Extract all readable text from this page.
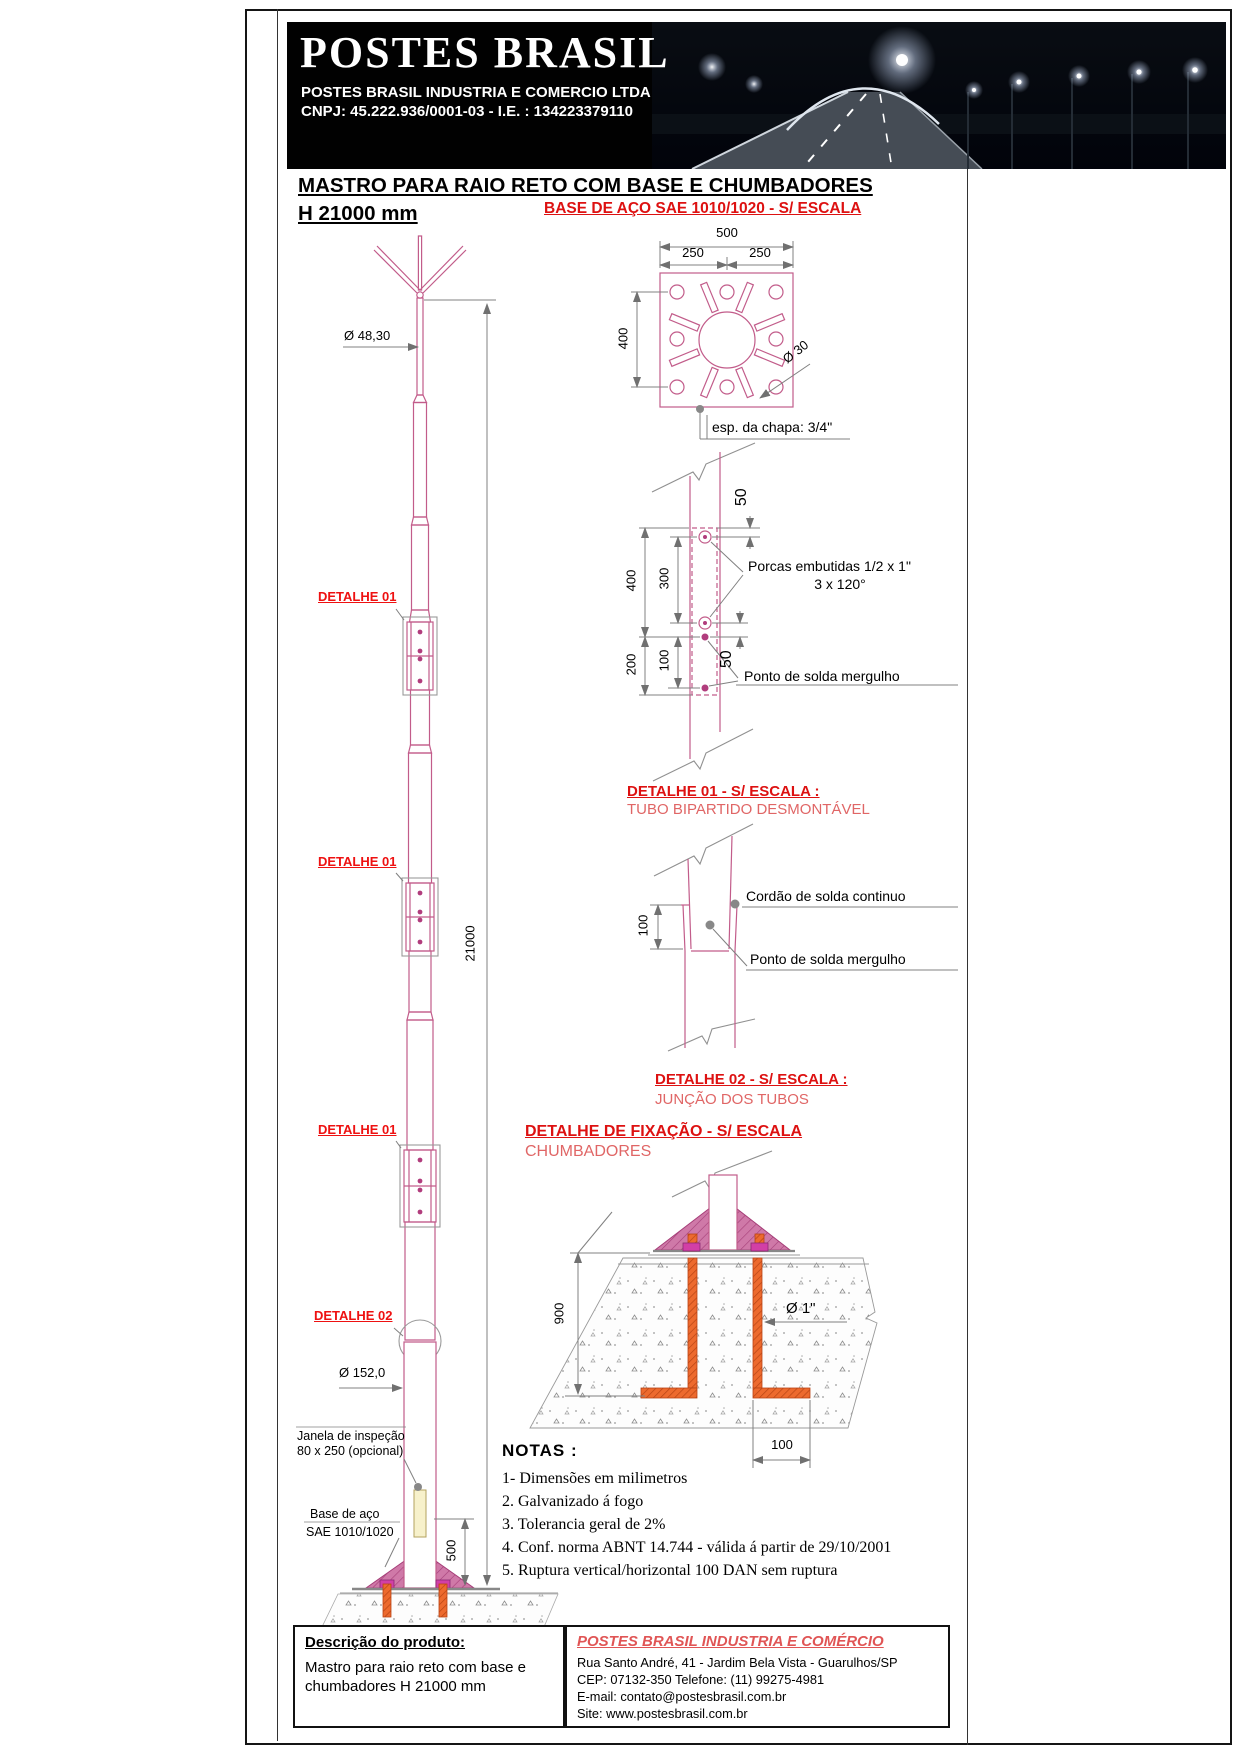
POSTES BRASIL
POSTES BRASIL INDUSTRIA E COMERCIO LTDA
CNPJ: 45.222.936/0001-03 - I.E. : 134223379110
MASTRO PARA RAIO RETO COM BASE E CHUMBADORES
H 21000 mm	BASE DE AÇO SAE 1010/1020 - S/ ESCALA
Ø 48,30
DETALHE 01
DETALHE 01
DETALHE 01
DETALHE 02
21000
Ø 152,0
Janela de inspeção
80 x 250 (opcional)
Base de aço
SAE 1010/1020
500
500
250	250
400	Ø 30
esp. da chapa: 3/4"
400 300
200 100
50
50
Porcas embutidas 1/2 x 1"
3 x 120°
Ponto de solda mergulho
DETALHE 01 - S/ ESCALA :
TUBO BIPARTIDO DESMONTÁVEL
Cordão de solda continuo
Ponto de solda mergulho
100
DETALHE 02 - S/ ESCALA :
JUNÇÃO DOS TUBOS
DETALHE DE FIXAÇÃO - S/ ESCALA
CHUMBADORES
900	Ø 1"
100
NOTAS :
1- Dimensões em milimetros
2. Galvanizado á fogo
3. Tolerancia geral de 2%
4. Conf. norma ABNT 14.744 - válida á partir de 29/10/2001
5. Ruptura vertical/horizontal 100 DAN sem ruptura
Descrição do produto:
Mastro para raio reto com base e chumbadores H 21000 mm
POSTES BRASIL INDUSTRIA E COMÉRCIO
Rua Santo André, 41 - Jardim Bela Vista - Guarulhos/SP
CEP: 07132-350 Telefone: (11) 99275-4981
E-mail: contato@postesbrasil.com.br
Site: www.postesbrasil.com.br
